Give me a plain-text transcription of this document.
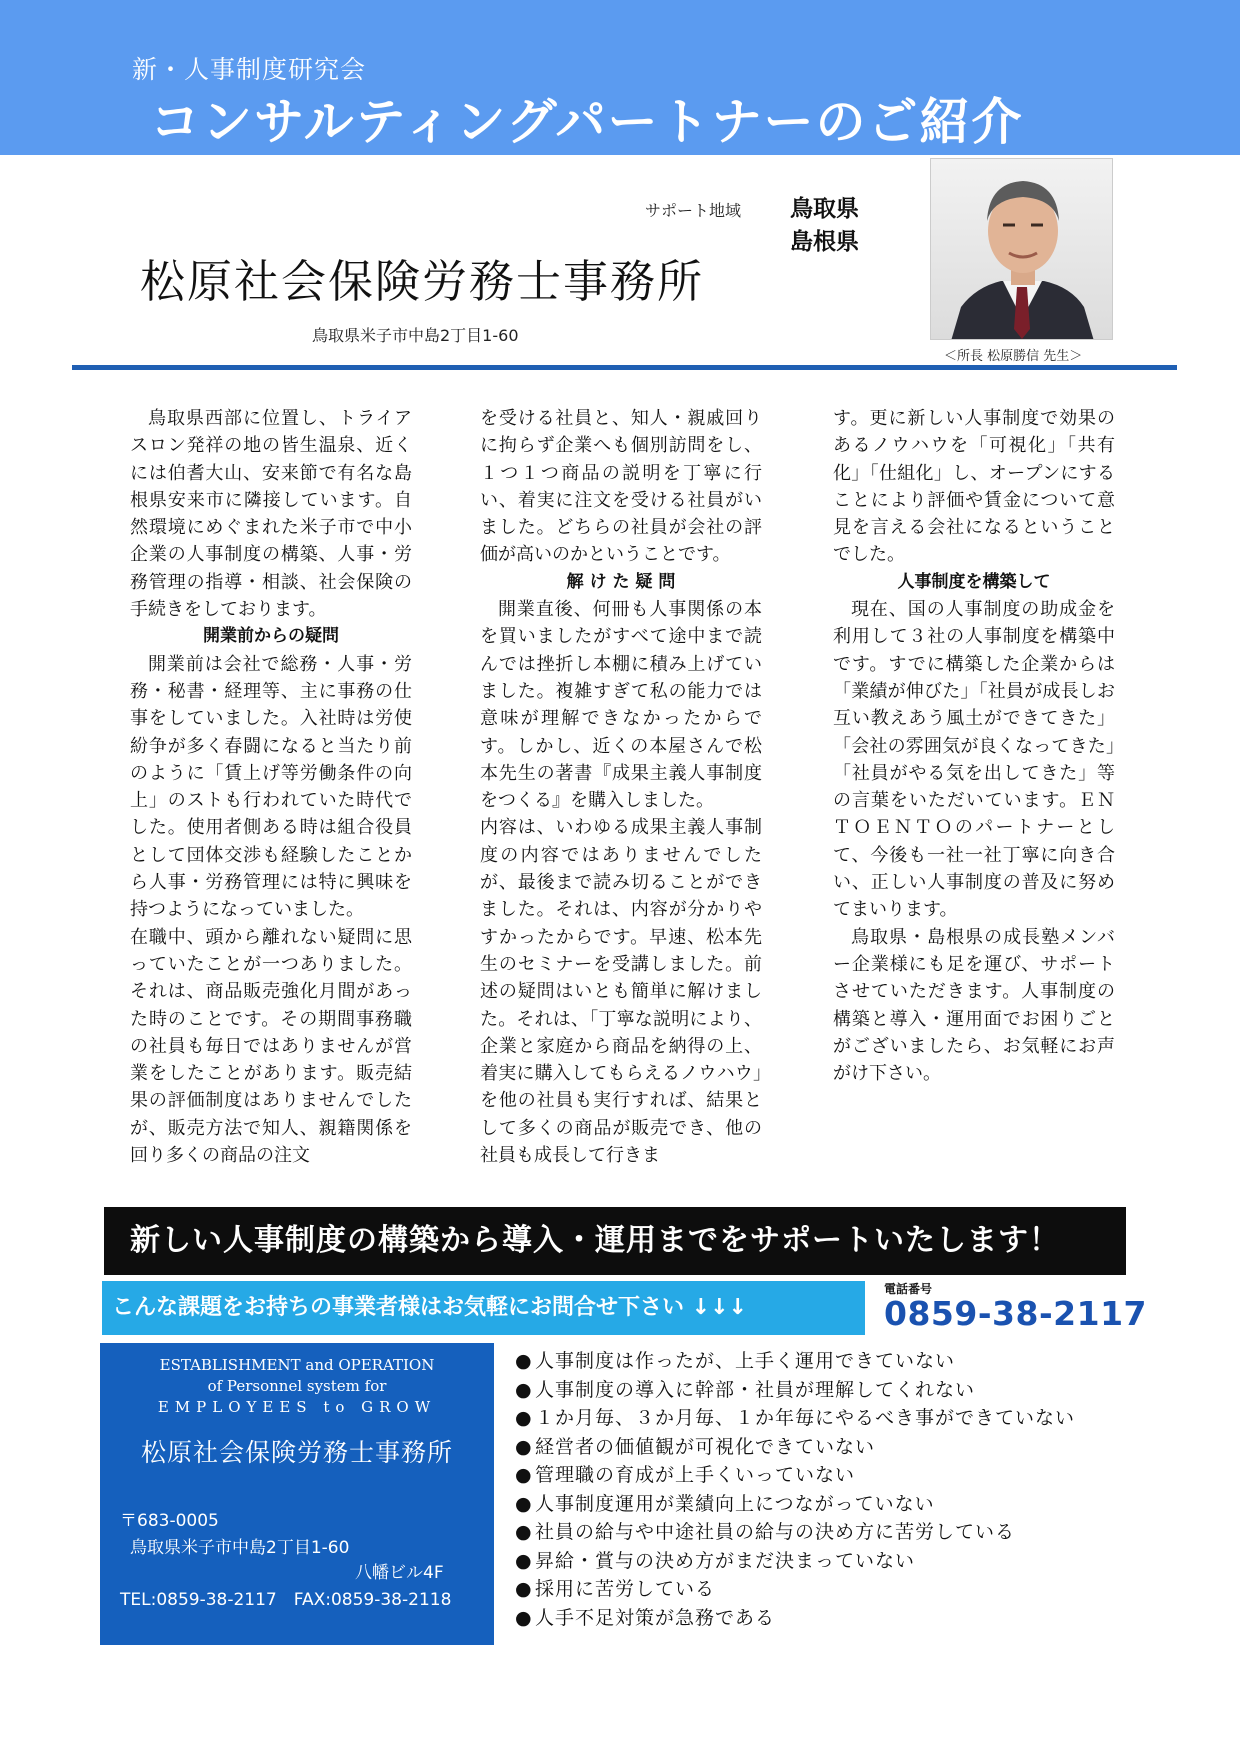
新・人事制度研究会
コンサルティングパートナーのご紹介
サポート地域 鳥取県
島根県
松原社会保険労務士事務所
鳥取県米子市中島2丁目1-60
＜所長 松原勝信 先生＞

鳥取県西部に位置し、トライアスロン発祥の地の皆生温泉、近くには伯耆大山、安来節で有名な島根県安来市に隣接しています。自然環境にめぐまれた米子市で中小企業の人事制度の構築、人事・労務管理の指導・相談、社会保険の手続きをしております。

開業前からの疑問

開業前は会社で総務・人事・労務・秘書・経理等、主に事務の仕事をしていました。入社時は労使紛争が多く春闘になると当たり前のように「賃上げ等労働条件の向上」のストも行われていた時代でした。使用者側ある時は組合役員として団体交渉も経験したことから人事・労務管理には特に興味を持つようになっていました。

在職中、頭から離れない疑問に思っていたことが一つありました。それは、商品販売強化月間があった時のことです。その期間事務職の社員も毎日ではありませんが営業をしたことがあります。販売結果の評価制度はありませんでしたが、販売方法で知人、親籍関係を回り多くの商品の注文

を受ける社員と、知人・親戚回りに拘らず企業へも個別訪問をし、１つ１つ商品の説明を丁寧に行い、着実に注文を受ける社員がいました。どちらの社員が会社の評価が高いのかということです。

解 け た 疑 問

開業直後、何冊も人事関係の本を買いましたがすべて途中まで読んでは挫折し本棚に積み上げていました。複雑すぎて私の能力では意味が理解できなかったからです。しかし、近くの本屋さんで松本先生の著書『成果主義人事制度をつくる』を購入しました。

内容は、いわゆる成果主義人事制度の内容ではありませんでしたが、最後まで読み切ることができました。それは、内容が分かりやすかったからです。早速、松本先生のセミナーを受講しました。前述の疑問はいとも簡単に解けました。それは、「丁寧な説明により、企業と家庭から商品を納得の上、着実に購入してもらえるノウハウ」を他の社員も実行すれば、結果として多くの商品が販売でき、他の社員も成長して行きま

す。更に新しい人事制度で効果のあるノウハウを「可視化」「共有化」「仕組化」し、オープンにすることにより評価や賃金について意見を言える会社になるということでした。

人事制度を構築して

現在、国の人事制度の助成金を利用して３社の人事制度を構築中です。すでに構築した企業からは「業績が伸びた」「社員が成長しお互い教えあう風土ができてきた」「会社の雰囲気が良くなってきた」「社員がやる気を出してきた」等の言葉をいただいています。ＥＮＴＯＥＮＴＯのパートナーとして、今後も一社一社丁寧に向き合い、正しい人事制度の普及に努めてまいります。

鳥取県・島根県の成長塾メンバー企業様にも足を運び、サポートさせていただきます。人事制度の構築と導入・運用面でお困りごとがございましたら、お気軽にお声がけ下さい。

新しい人事制度の構築から導入・運用までをサポートいたします！
こんな課題をお持ちの事業者様はお気軽にお問合せ下さい ↓↓↓
電話番号
0859-38-2117
ESTABLISHMENT and OPERATION
of Personnel system for
EMPLOYEES to GROW
松原社会保険労務士事務所
〒683-0005
鳥取県米子市中島2丁目1-60
八幡ビル4F
TEL:0859-38-2117　FAX:0859-38-2118
● 人事制度は作ったが、上手く運用できていない
● 人事制度の導入に幹部・社員が理解してくれない
● １か月毎、３か月毎、１か年毎にやるべき事ができていない
● 経営者の価値観が可視化できていない
● 管理職の育成が上手くいっていない
● 人事制度運用が業績向上につながっていない
● 社員の給与や中途社員の給与の決め方に苦労している
● 昇給・賞与の決め方がまだ決まっていない
● 採用に苦労している
● 人手不足対策が急務である
